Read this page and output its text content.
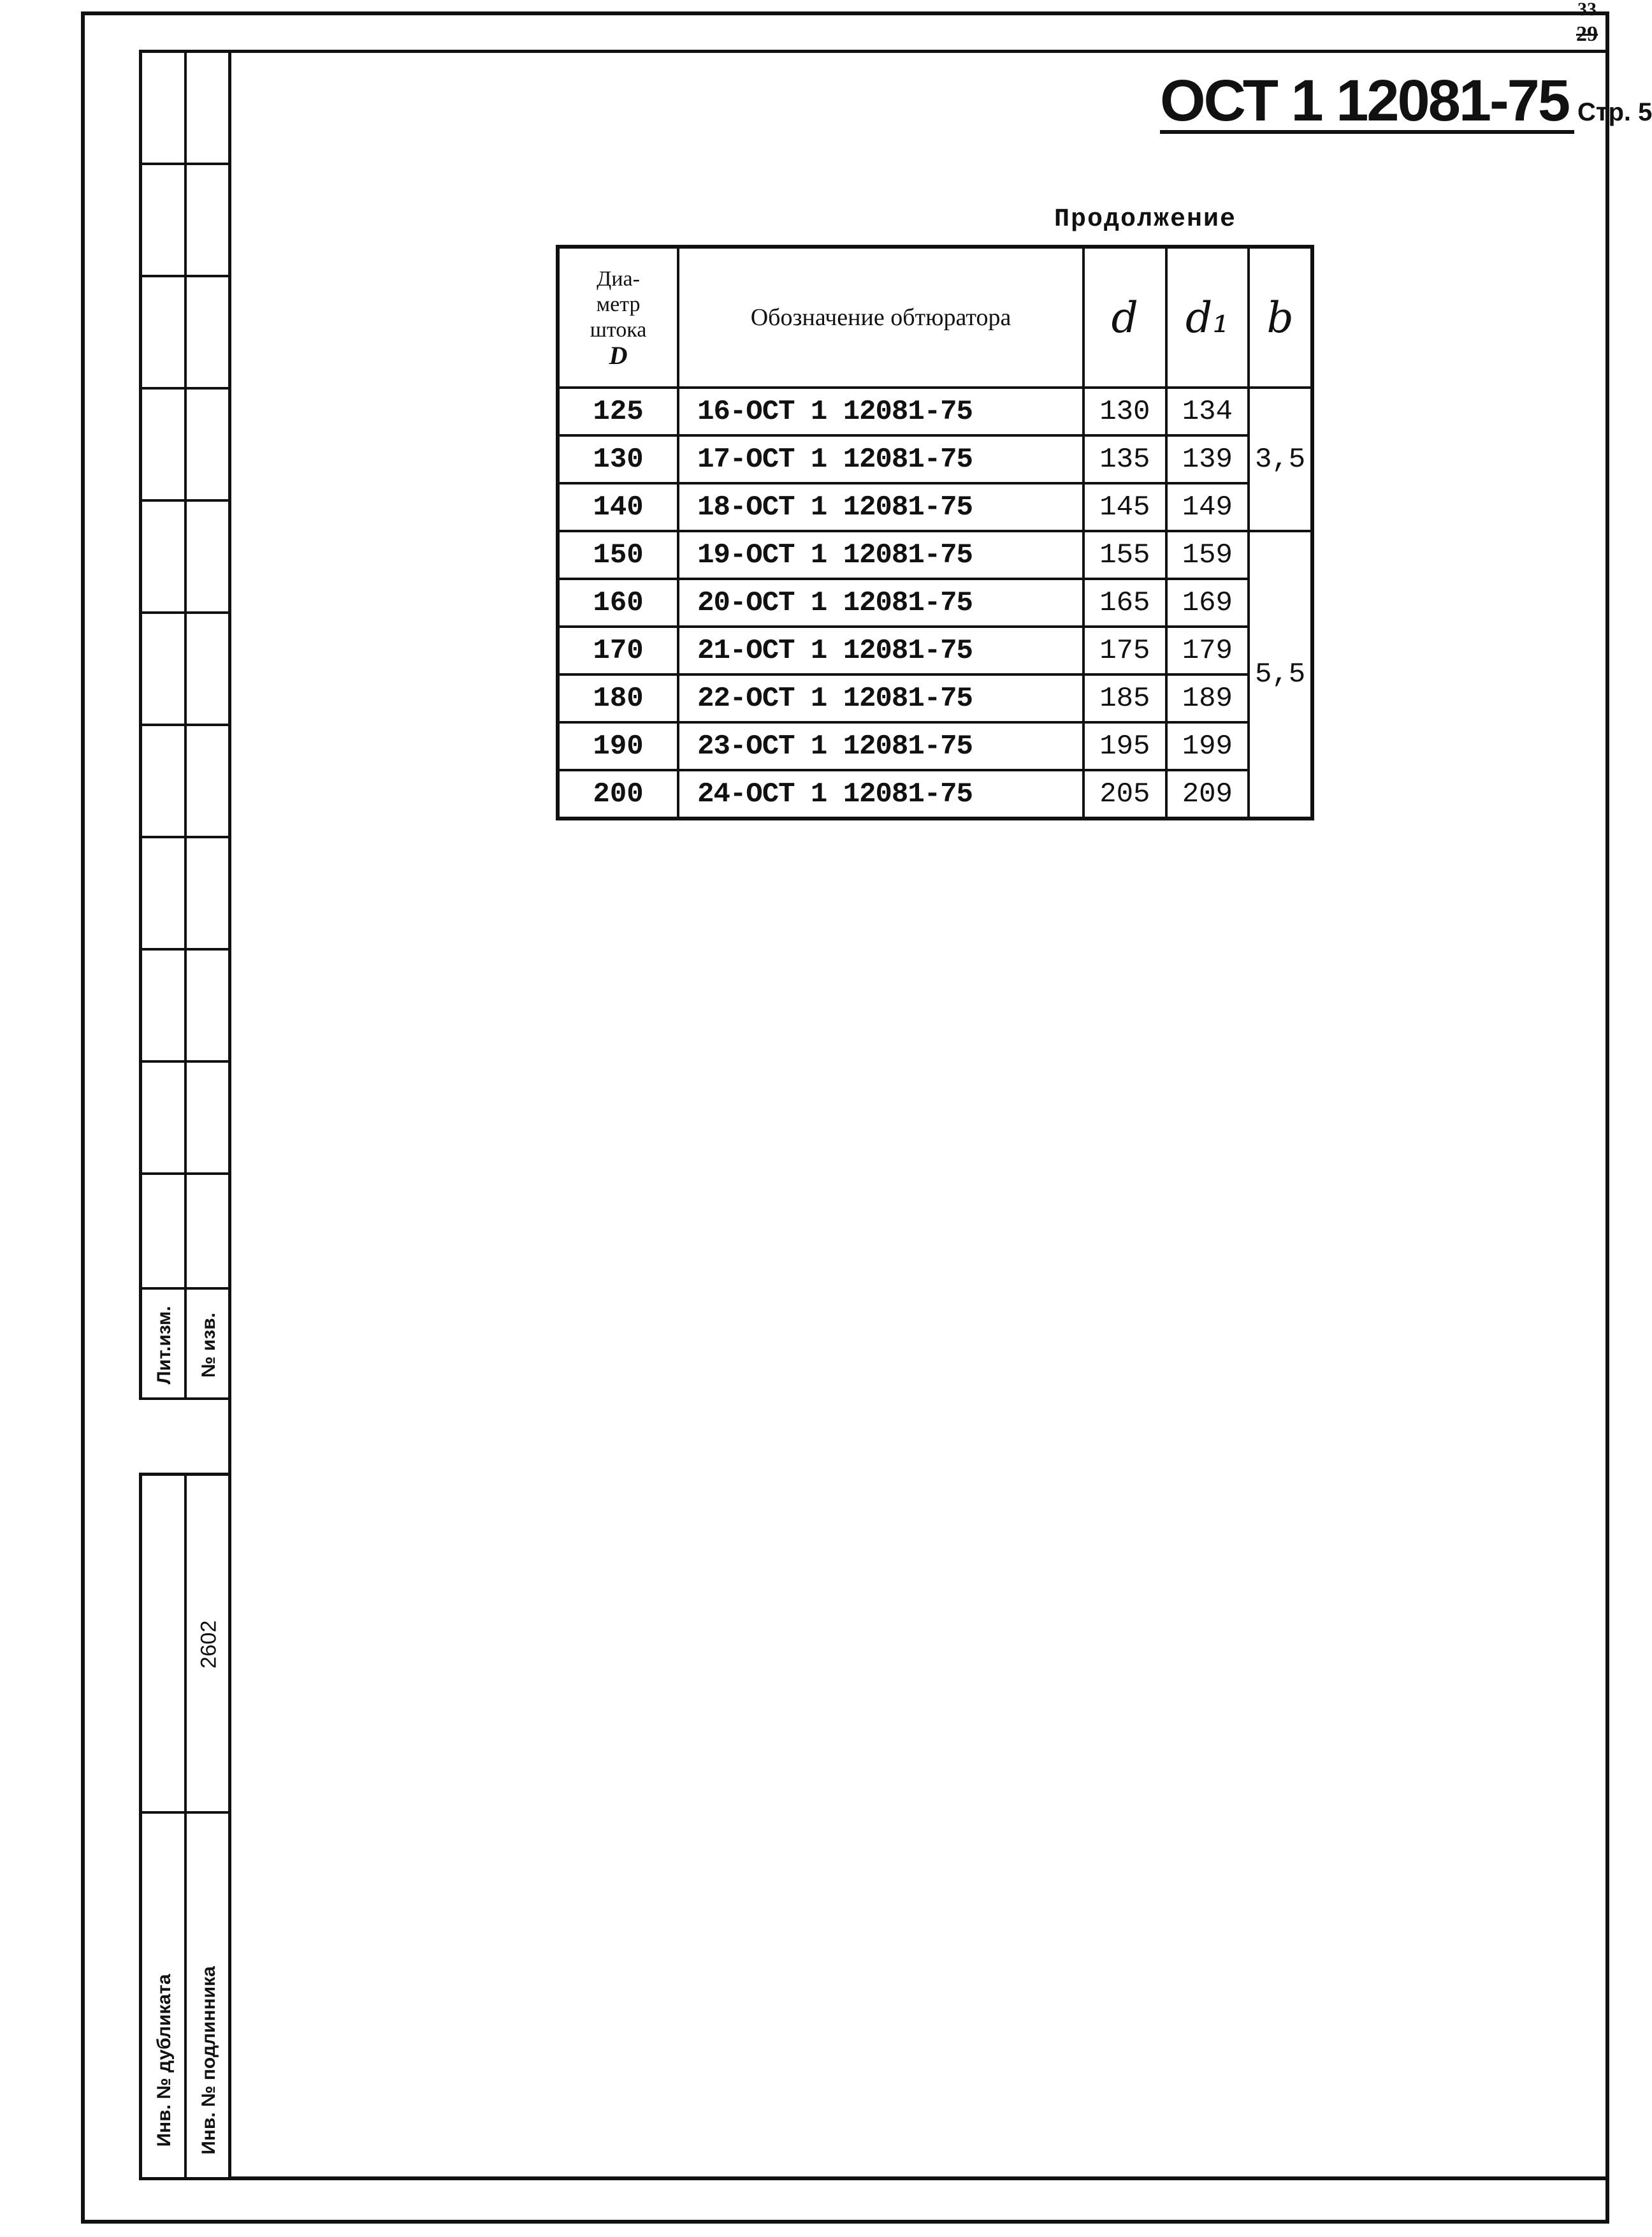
33
29
ОСТ 1 12081-75 Стр. 5
Продолжение
Диа-
метр
штока
D	Обозначение обтюратора	d	d₁	b
125	16-ОСТ 1 12081-75	130	134	3,5
130	17-ОСТ 1 12081-75	135	139	
140	18-ОСТ 1 12081-75	145	149	
150	19-ОСТ 1 12081-75	155	159	5,5
160	20-ОСТ 1 12081-75	165	169	
170	21-ОСТ 1 12081-75	175	179	
180	22-ОСТ 1 12081-75	185	189	
190	23-ОСТ 1 12081-75	195	199	
200	24-ОСТ 1 12081-75	205	209	
Лит.изм. № изв.
2602
Инв. № дубликата Инв. № подлинника
